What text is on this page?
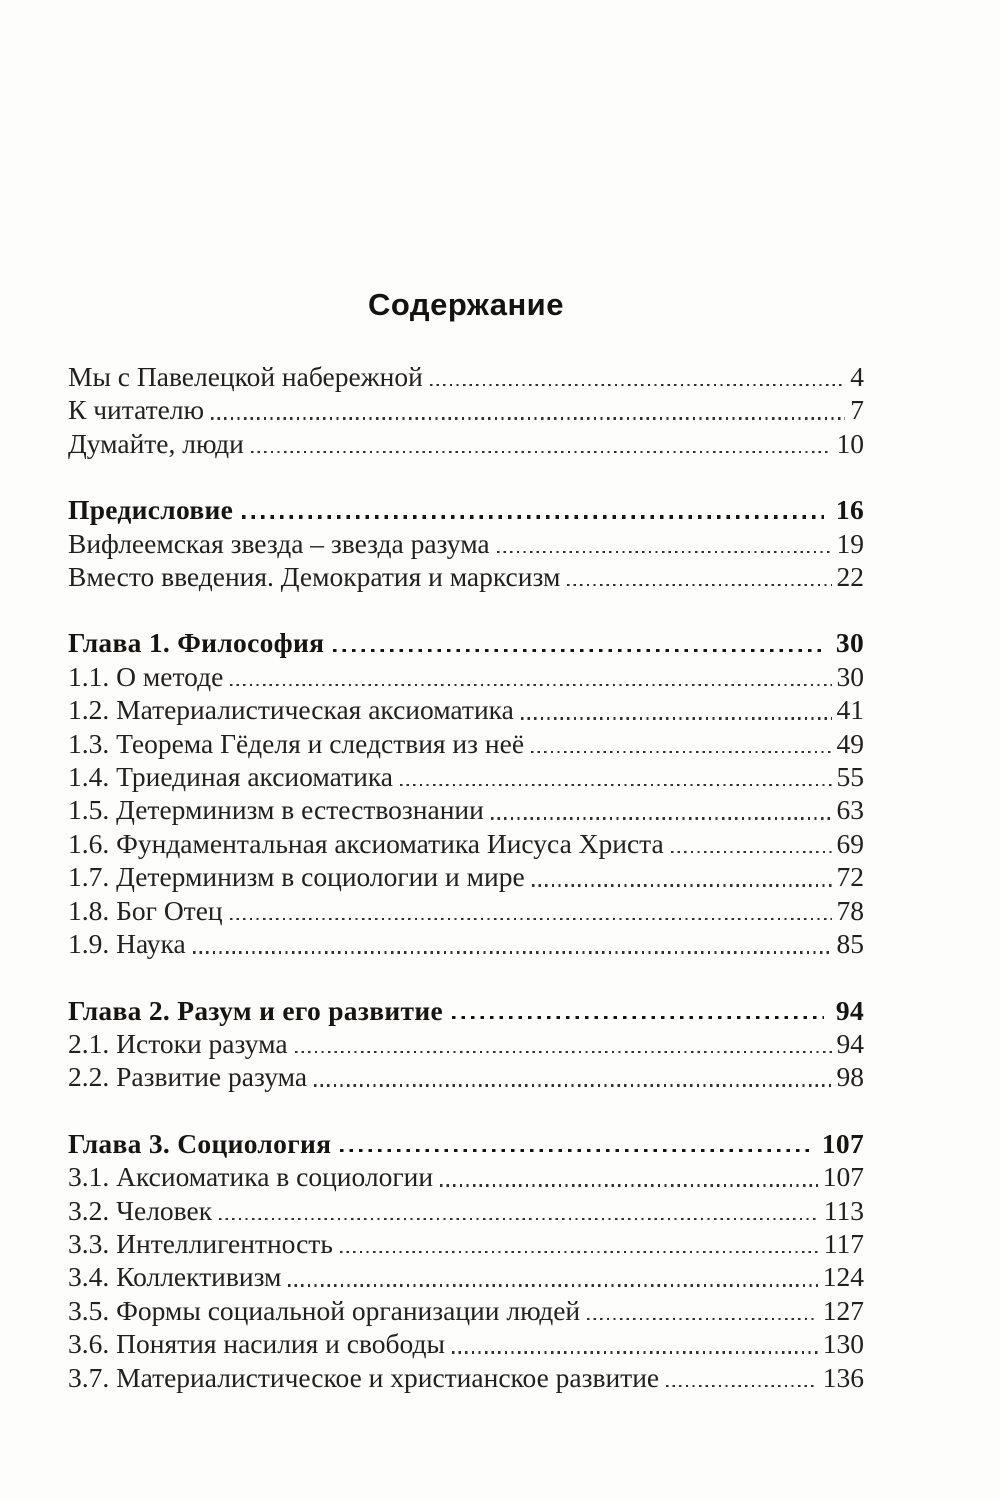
Содержание
Мы с Павелецкой набережной	4
К читателю	7
Думайте, люди	10
Предисловие	16
Вифлеемская звезда – звезда разума	19
Вместо введения. Демократия и марксизм	22
Глава 1. Философия	30
1.1. О методе	30
1.2. Материалистическая аксиоматика	41
1.3. Теорема Гёделя и следствия из неё	49
1.4. Триединая аксиоматика	55
1.5. Детерминизм в естествознании	63
1.6. Фундаментальная аксиоматика Иисуса Христа	69
1.7. Детерминизм в социологии и мире	72
1.8. Бог Отец	78
1.9. Наука	85
Глава 2. Разум и его развитие	94
2.1. Истоки разума	94
2.2. Развитие разума	98
Глава 3. Социология	107
3.1. Аксиоматика в социологии	107
3.2. Человек	113
3.3. Интеллигентность	117
3.4. Коллективизм	124
3.5. Формы социальной организации людей	127
3.6. Понятия насилия и свободы	130
3.7. Материалистическое и христианское развитие	136
